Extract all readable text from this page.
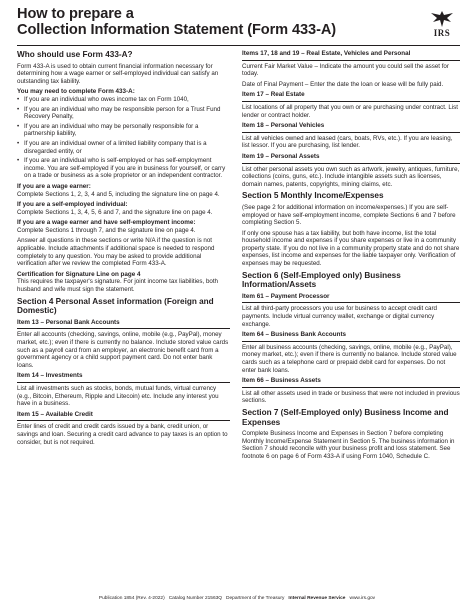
How to prepare a
Collection Information Statement (Form 433-A)	IRS
Who should use Form 433-A?

Form 433-A is used to obtain current financial information necessary for determining how a wage earner or self-employed individual can satisfy an outstanding tax liability.

You may need to complete Form 433-A:
• If you are an individual who owes income tax on Form 1040,
• If you are an individual who may be responsible person for a Trust Fund Recovery Penalty,
• If you are an individual who may be personally responsible for a partnership liability,
• If you are an individual owner of a limited liability company that is a disregarded entity, or
• If you are an individual who is self-employed or has self-employment income. You are self-employed if you are in business for yourself, or carry on a trade or business as a sole proprietor or an independent contractor.
If you are a wage earner:

Complete Sections 1, 2, 3, 4 and 5, including the signature line on page 4.

If you are a self-employed individual:

Complete Sections 1, 3, 4, 5, 6 and 7, and the signature line on page 4.

If you are a wage earner and have self-employment income:

Complete Sections 1 through 7, and the signature line on page 4.

Answer all questions in these sections or write N/A if the question is not applicable. Include attachments if additional space is needed to respond completely to any question. You may be asked to provide additional verification after we review the completed Form 433-A.

Certification for Signature Line on page 4

This requires the taxpayer's signature. For joint income tax liabilities, both husband and wife must sign the statement.

Section 4 Personal Asset information (Foreign and Domestic)
Item 13 – Personal Bank Accounts

Enter all accounts (checking, savings, online, mobile (e.g., PayPal), money market, etc.); even if there is currently no balance. Include stored value cards such as a payroll card from an employer, an electronic benefit card from a government agency or a child support payment card. Do not enter bank loans.

Item 14 – Investments

List all investments such as stocks, bonds, mutual funds, virtual currency (e.g., Bitcoin, Ethereum, Ripple and Litecoin) etc. Include any interest you have in a business.

Item 15 – Available Credit

Enter lines of credit and credit cards issued by a bank, credit union, or savings and loan. Securing a credit card advance to pay taxes is an option to consider, but is not required.

Items 17, 18 and 19 – Real Estate, Vehicles and Personal

Current Fair Market Value – Indicate the amount you could sell the asset for today.

Date of Final Payment – Enter the date the loan or lease will be fully paid.

Item 17 – Real Estate

List locations of all property that you own or are purchasing under contract. List lender or contract holder.

Item 18 – Personal Vehicles

List all vehicles owned and leased (cars, boats, RVs, etc.). If you are leasing, list lessor. If you are purchasing, list lender.

Item 19 – Personal Assets

List other personal assets you own such as artwork, jewelry, antiques, furniture, collections (coins, guns, etc.). Include intangible assets such as licenses, domain names, patents, copyrights, mining claims, etc.

Section 5 Monthly Income/Expenses

(See page 2 for additional information on income/expenses.) If you are self-employed or have self-employment income, complete Sections 6 and 7 before completing Section 5.

If only one spouse has a tax liability, but both have income, list the total household income and expenses if you share expenses or live in a community property state. If you do not live in a community property state and do not share expenses, list income and expenses for the liable taxpayer only. Verification of expenses may be requested.

Section 6 (Self-Employed only) Business Information/Assets
Item 61 – Payment Processor

List all third-party processors you use for business to accept credit card payments. Include virtual currency wallet, exchange or digital currency exchange.

Item 64 – Business Bank Accounts

Enter all business accounts (checking, savings, online, mobile (e.g., PayPal), money market, etc.); even if there is currently no balance. Include stored value cards such as a telephone card or prepaid debit card for expenses. Do not enter bank loans.

Item 66 – Business Assets

List all other assets used in trade or business that were not included in previous sections.

Section 7 (Self-Employed only) Business Income and Expenses

Complete Business Income and Expenses in Section 7 before completing Monthly Income/Expense Statement in Section 5. The business information in Section 7 should reconcile with your business profit and loss statement. See footnote 6 on page 6 of Form 433-A if using Form 1040, Schedule C.

Publication 1854 (Rev. 4-2022) Catalog Number 21563Q Department of the Treasury Internal Revenue Service www.irs.gov
